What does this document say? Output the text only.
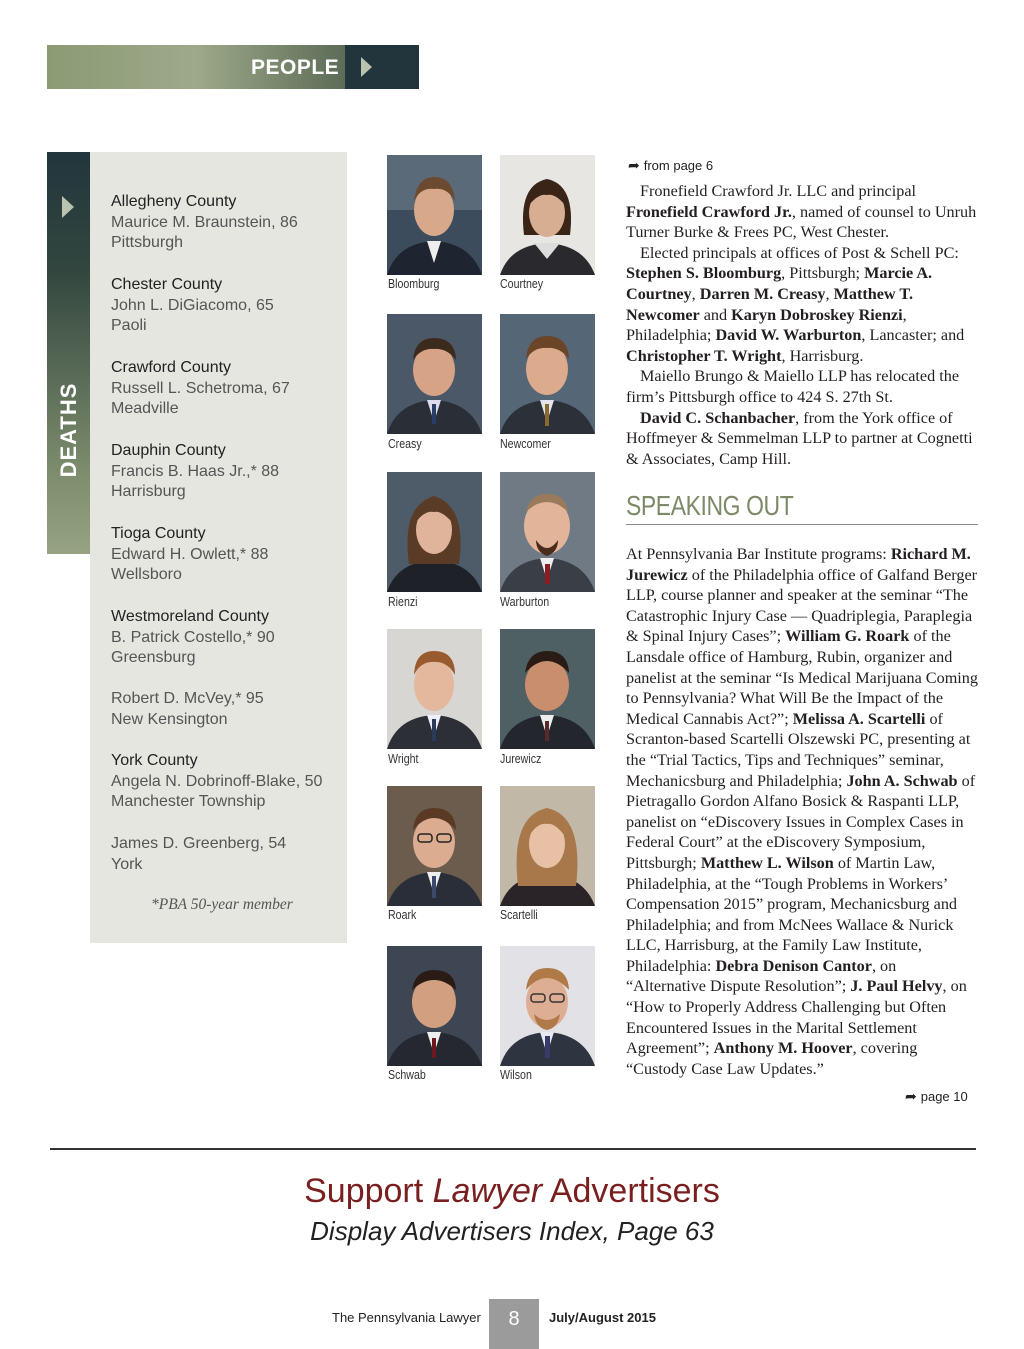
PEOPLE
DEATHS
Allegheny County
Maurice M. Braunstein, 86
Pittsburgh
Chester County
John L. DiGiacomo, 65
Paoli
Crawford County
Russell L. Schetroma, 67
Meadville
Dauphin County
Francis B. Haas Jr.,* 88
Harrisburg
Tioga County
Edward H. Owlett,* 88
Wellsboro
Westmoreland County
B. Patrick Costello,* 90
Greensburg
Robert D. McVey,* 95
New Kensington
York County
Angela N. Dobrinoff-Blake, 50
Manchester Township
James D. Greenberg, 54
York
*PBA 50-year member
Bloomburg	Courtney
Creasy	Newcomer
Rienzi	Warburton
Wright	Jurewicz
Roark	Scartelli
Schwab	Wilson
➦ from page 6

Fronefield Crawford Jr. LLC and principal Fronefield Crawford Jr., named of counsel to Unruh Turner Burke & Frees PC, West Chester.

Elected principals at offices of Post & Schell PC: Stephen S. Bloomburg, Pittsburgh; Marcie A. Courtney, Darren M. Creasy, Matthew T. Newcomer and Karyn Dobroskey Rienzi, Philadelphia; David W. Warburton, Lancaster; and Christopher T. Wright, Harrisburg.

Maiello Brungo & Maiello LLP has relocated the firm’s Pittsburgh office to 424 S. 27th St.

David C. Schanbacher, from the York office of Hoffmeyer & Semmelman LLP to partner at Cognetti & Associates, Camp Hill.

SPEAKING OUT

At Pennsylvania Bar Institute programs: Richard M. Jurewicz of the Philadelphia office of Galfand Berger LLP, course planner and speaker at the seminar “The Catastrophic Injury Case — Quadriplegia, Paraplegia & Spinal Injury Cases”; William G. Roark of the Lansdale office of Hamburg, Rubin, organizer and panelist at the seminar “Is Medical Marijuana Coming to Pennsylvania? What Will Be the Impact of the Medical Cannabis Act?”; Melissa A. Scartelli of Scranton-based Scartelli Olszewski PC, presenting at the “Trial Tactics, Tips and Techniques” seminar, Mechanicsburg and Philadelphia; John A. Schwab of Pietragallo Gordon Alfano Bosick & Raspanti LLP, panelist on “eDiscovery Issues in Complex Cases in Federal Court” at the eDiscovery Symposium, Pittsburgh; Matthew L. Wilson of Martin Law, Philadelphia, at the “Tough Problems in Workers’ Compensation 2015” program, Mechanicsburg and Philadelphia; and from McNees Wallace & Nurick LLC, Harrisburg, at the Family Law Institute, Philadelphia: Debra Denison Cantor, on “Alternative Dispute Resolution”; J. Paul Helvy, on “How to Properly Address Challenging but Often Encountered Issues in the Marital Settlement Agreement”; Anthony M. Hoover, covering “Custody Case Law Updates.”

➦ page 10
Support Lawyer Advertisers
Display Advertisers Index, Page 63
The Pennsylvania Lawyer	8	July/August 2015
